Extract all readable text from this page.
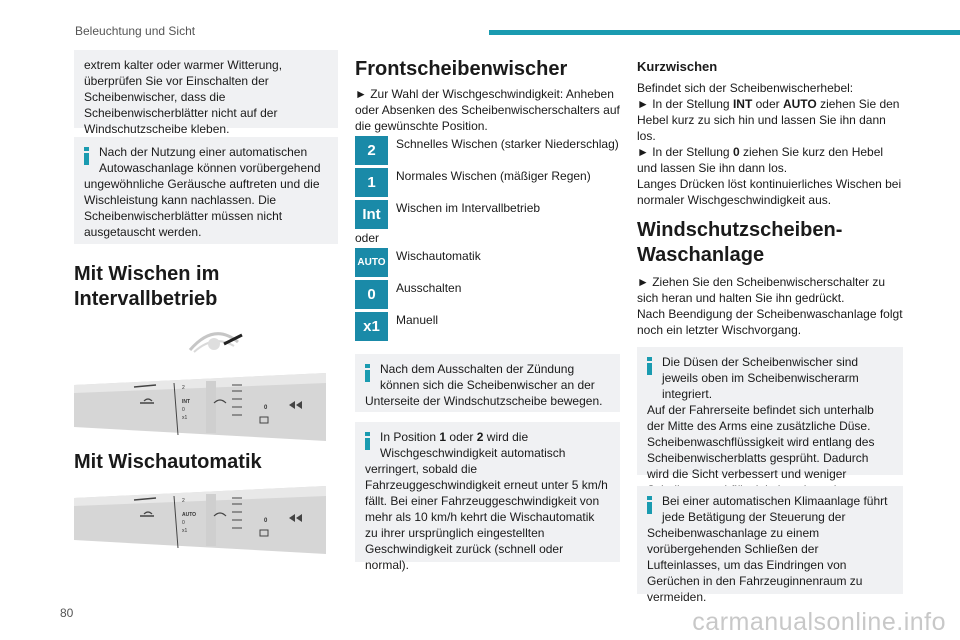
Beleuchtung und Sicht
extrem kalter oder warmer Witterung, überprüfen Sie vor Einschalten der Scheibenwischer, dass die Scheibenwischerblätter nicht auf der Windschutzscheibe kleben.
Nach der Nutzung einer automatischen Autowaschanlage können vorübergehend
ungewöhnliche Geräusche auftreten und die Wischleistung kann nachlassen. Die Scheibenwischerblätter müssen nicht ausgetauscht werden.
Mit Wischen im Intervallbetrieb
2
INT
0
x1
0
Mit Wischautomatik
2
AUTO
0
x1
0
Frontscheibenwischer
► Zur Wahl der Wischgeschwindigkeit: Anheben oder Absenken des Scheibenwischerschalters auf die gewünschte Position.
2	Schnelles Wischen (starker Niederschlag)
1	Normales Wischen (mäßiger Regen)
Int	Wischen im Intervallbetrieb
oder
AUTO Wischautomatik
0	Ausschalten
x1	Manuell
Nach dem Ausschalten der Zündung können sich die Scheibenwischer an der
Unterseite der Windschutzscheibe bewegen.
In Position 1 oder 2 wird die Wischgeschwindigkeit automatisch
verringert, sobald die Fahrzeuggeschwindigkeit erneut unter 5 km/h fällt. Bei einer Fahrzeuggeschwindigkeit von mehr als 10 km/h kehrt die Wischautomatik zu ihrer ursprünglich eingestellten Geschwindigkeit zurück (schnell oder normal).
Kurzwischen
Befindet sich der Scheibenwischerhebel:
► In der Stellung INT oder AUTO ziehen Sie den Hebel kurz zu sich hin und lassen Sie ihn dann los.
► In der Stellung 0 ziehen Sie kurz den Hebel und lassen Sie ihn dann los.
Langes Drücken löst kontinuierliches Wischen bei normaler Wischgeschwindigkeit aus.
Windschutzscheiben-Waschanlage
► Ziehen Sie den Scheibenwischerschalter zu sich heran und halten Sie ihn gedrückt.
Nach Beendigung der Scheibenwaschanlage folgt noch ein letzter Wischvorgang.
Die Düsen der Scheibenwischer sind jeweils oben im Scheibenwischerarm integriert.
Auf der Fahrerseite befindet sich unterhalb der Mitte des Arms eine zusätzliche Düse. Scheibenwaschflüssigkeit wird entlang des Scheibenwischerblatts gesprüht. Dadurch wird die Sicht verbessert und weniger
Bei einer automatischen Klimaanlage führt jede Betätigung der Steuerung der
Scheibenwaschanlage zu einem vorübergehenden Schließen der Lufteinlasses, um das Eindringen von Gerüchen in den Fahrzeuginnenraum zu vermeiden.
80	carmanualsonline.info
